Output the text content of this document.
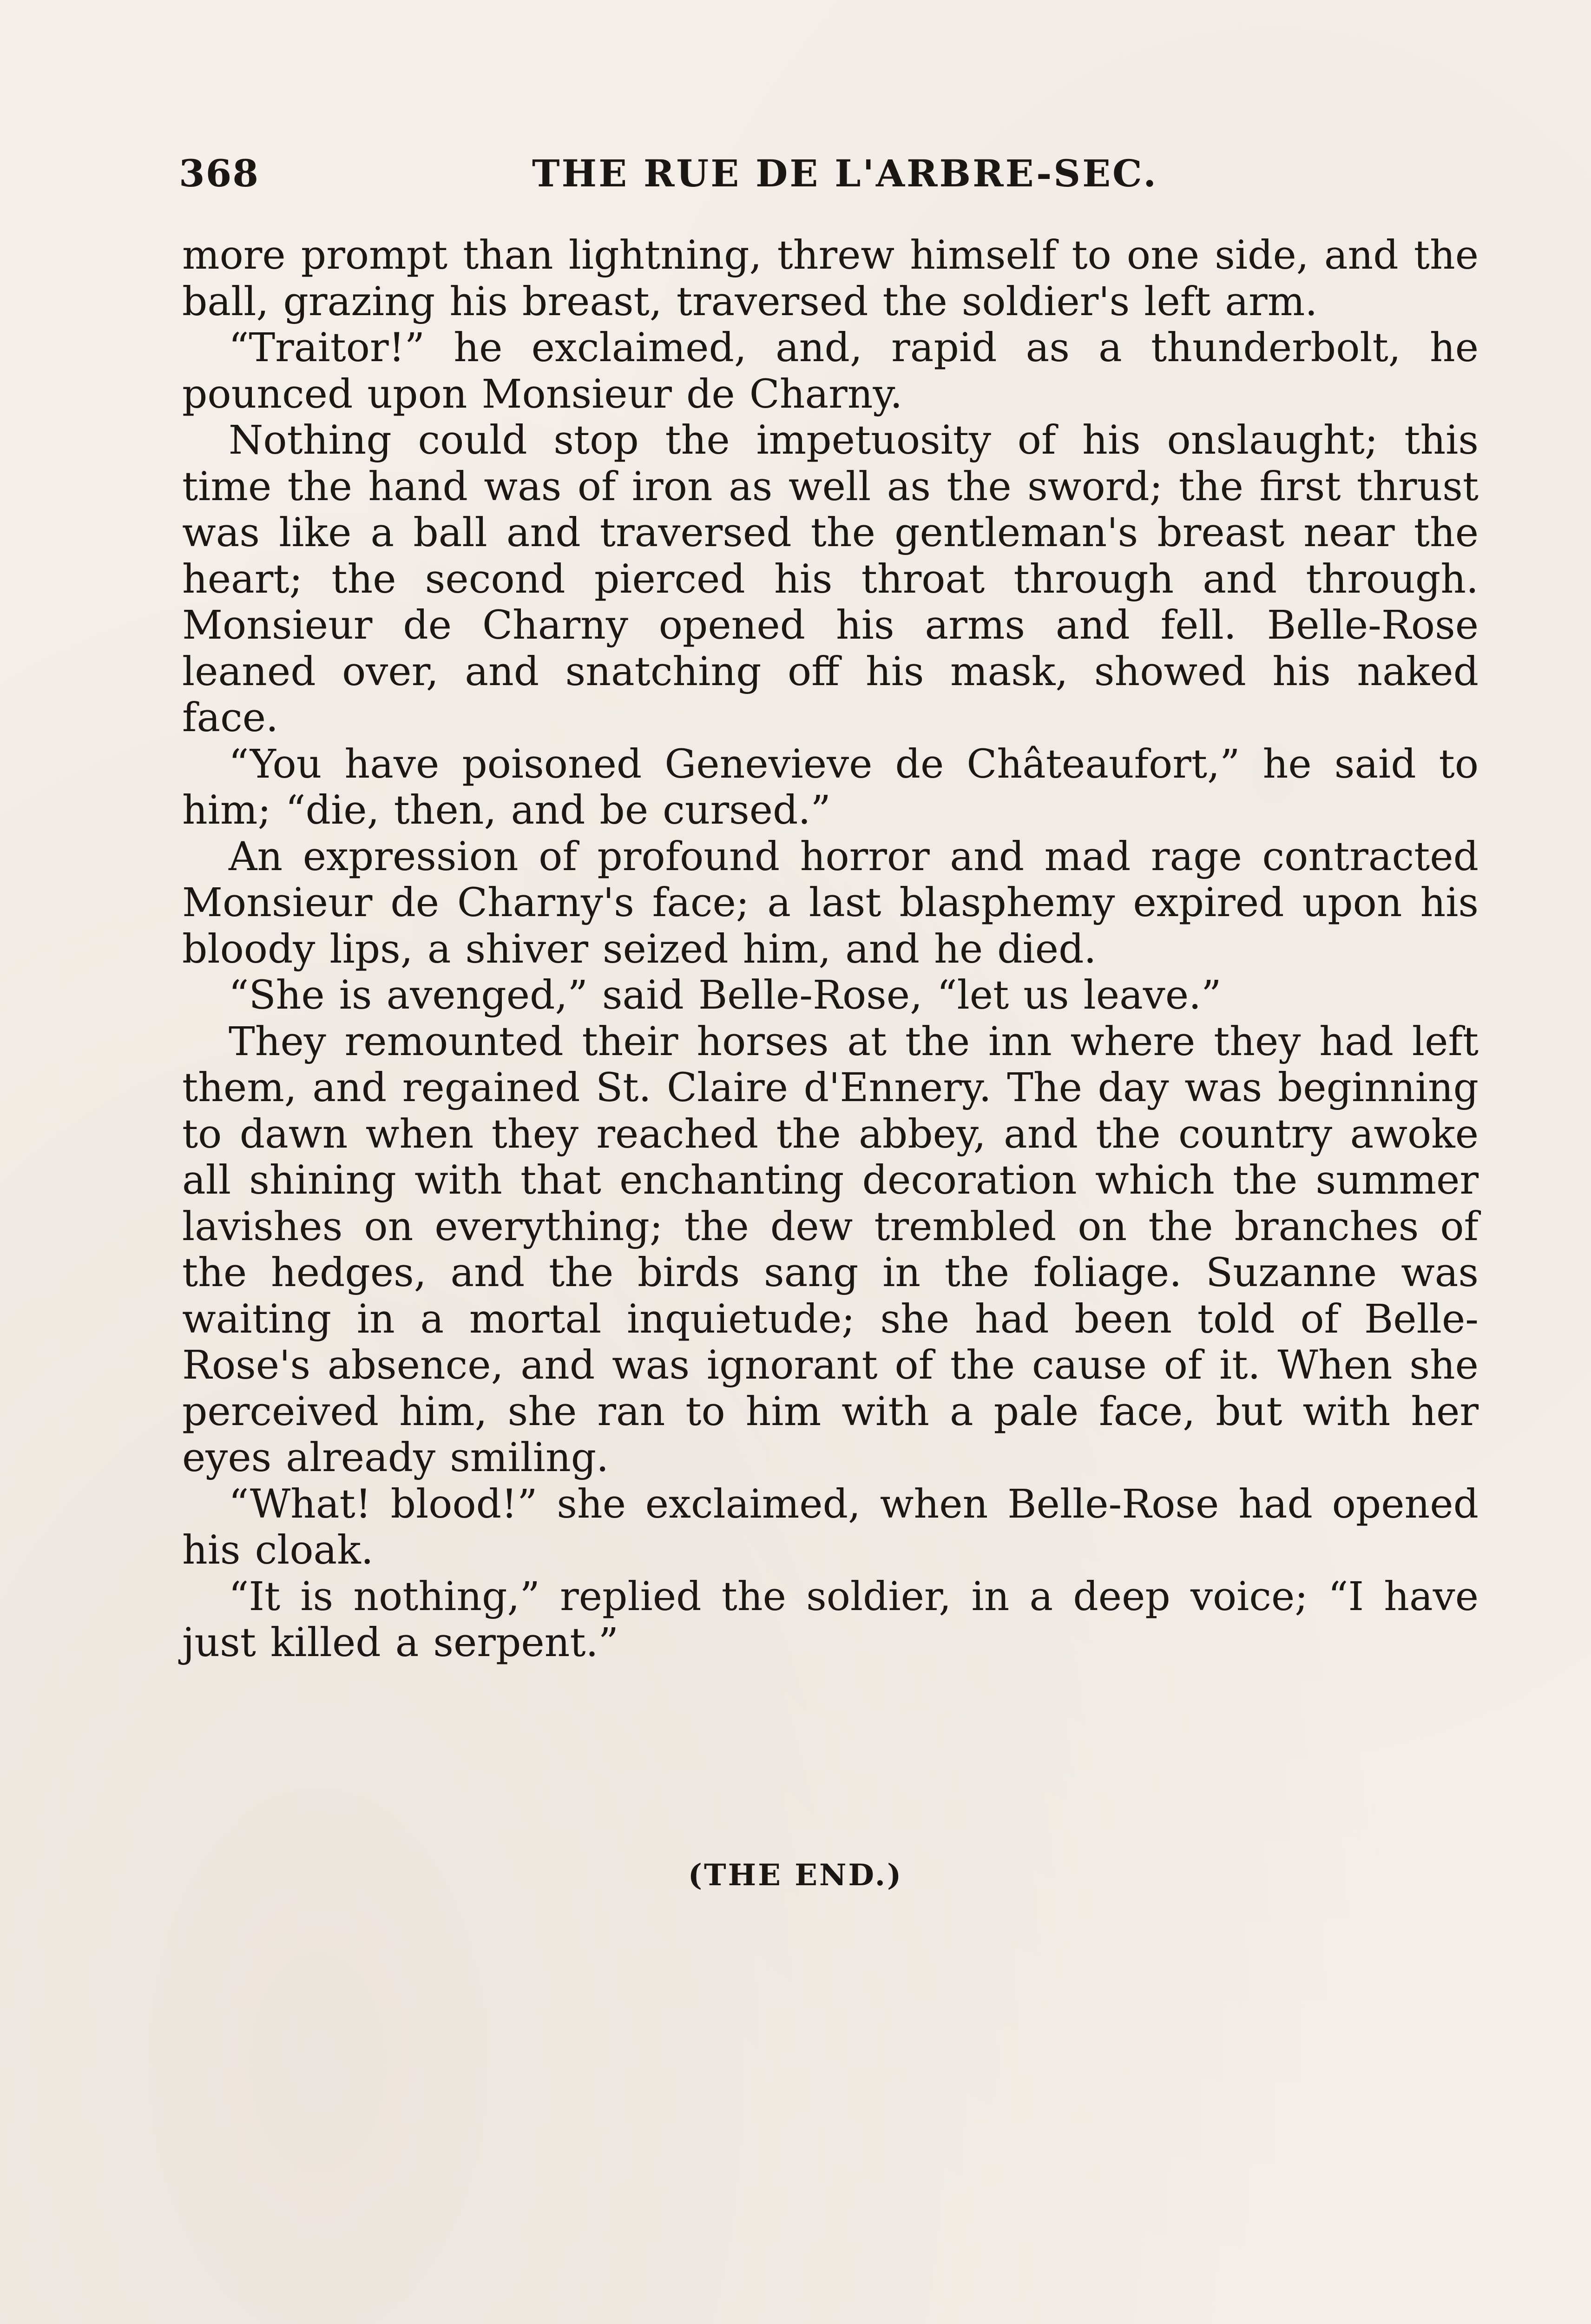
368	THE RUE DE L'ARBRE-SEC.

more prompt than lightning, threw himself to one side, and the ball, grazing his breast, traversed the soldier's left arm.

“Traitor!” he exclaimed, and, rapid as a thunderbolt, he pounced upon Monsieur de Charny.

Nothing could stop the impetuosity of his onslaught; this time the hand was of iron as well as the sword; the first thrust was like a ball and traversed the gentleman's breast near the heart; the second pierced his throat through and through. Monsieur de Charny opened his arms and fell. Belle-Rose leaned over, and snatching off his mask, showed his naked face.

“You have poisoned Genevieve de Châteaufort,” he said to him; “die, then, and be cursed.”

An expression of profound horror and mad rage contracted Monsieur de Charny's face; a last blasphemy expired upon his bloody lips, a shiver seized him, and he died.

“She is avenged,” said Belle-Rose, “let us leave.”

They remounted their horses at the inn where they had left them, and regained St. Claire d'Ennery. The day was beginning to dawn when they reached the abbey, and the country awoke all shining with that enchanting decoration which the summer lavishes on everything; the dew trembled on the branches of the hedges, and the birds sang in the foliage. Suzanne was waiting in a mortal inquietude; she had been told of Belle-Rose's absence, and was ignorant of the cause of it. When she perceived him, she ran to him with a pale face, but with her eyes already smiling.

“What! blood!” she exclaimed, when Belle-Rose had opened his cloak.

“It is nothing,” replied the soldier, in a deep voice; “I have just killed a serpent.”

(THE END.)
